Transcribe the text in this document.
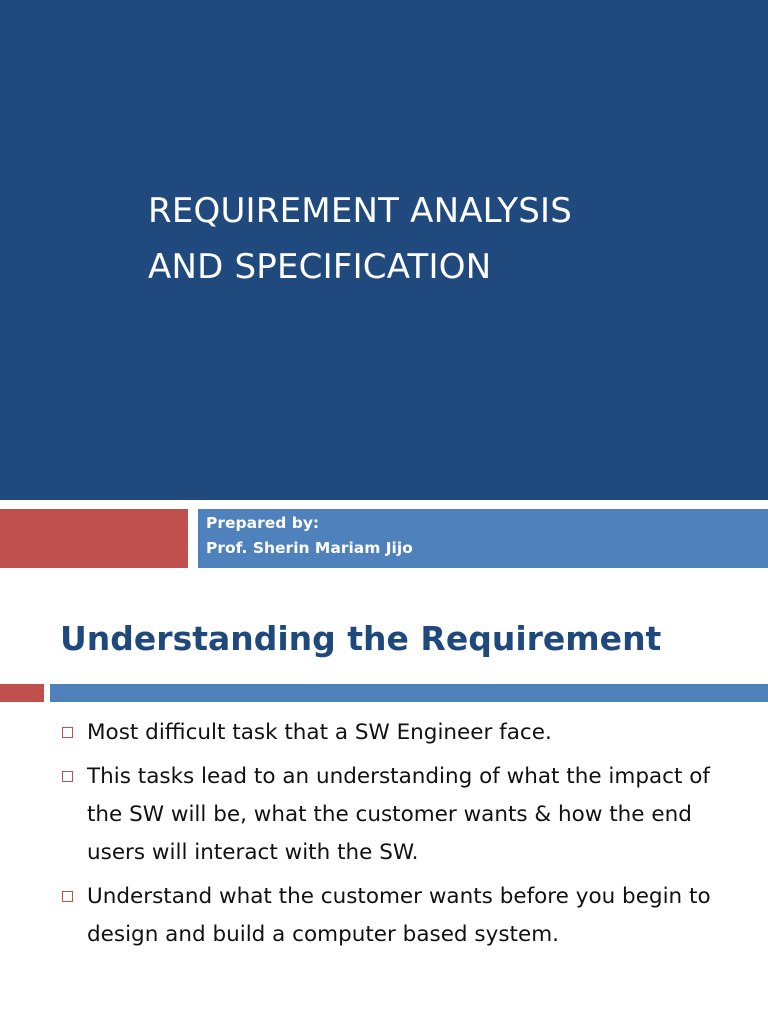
REQUIREMENT ANALYSIS
AND SPECIFICATION
Prepared by:
Prof. Sherin Mariam Jijo
Understanding the Requirement
Most difficult task that a SW Engineer face.
This tasks lead to an understanding of what the impact of the SW will be, what the customer wants & how the end users will interact with the SW.
Understand what the customer wants before you begin to design and build a computer based system.
